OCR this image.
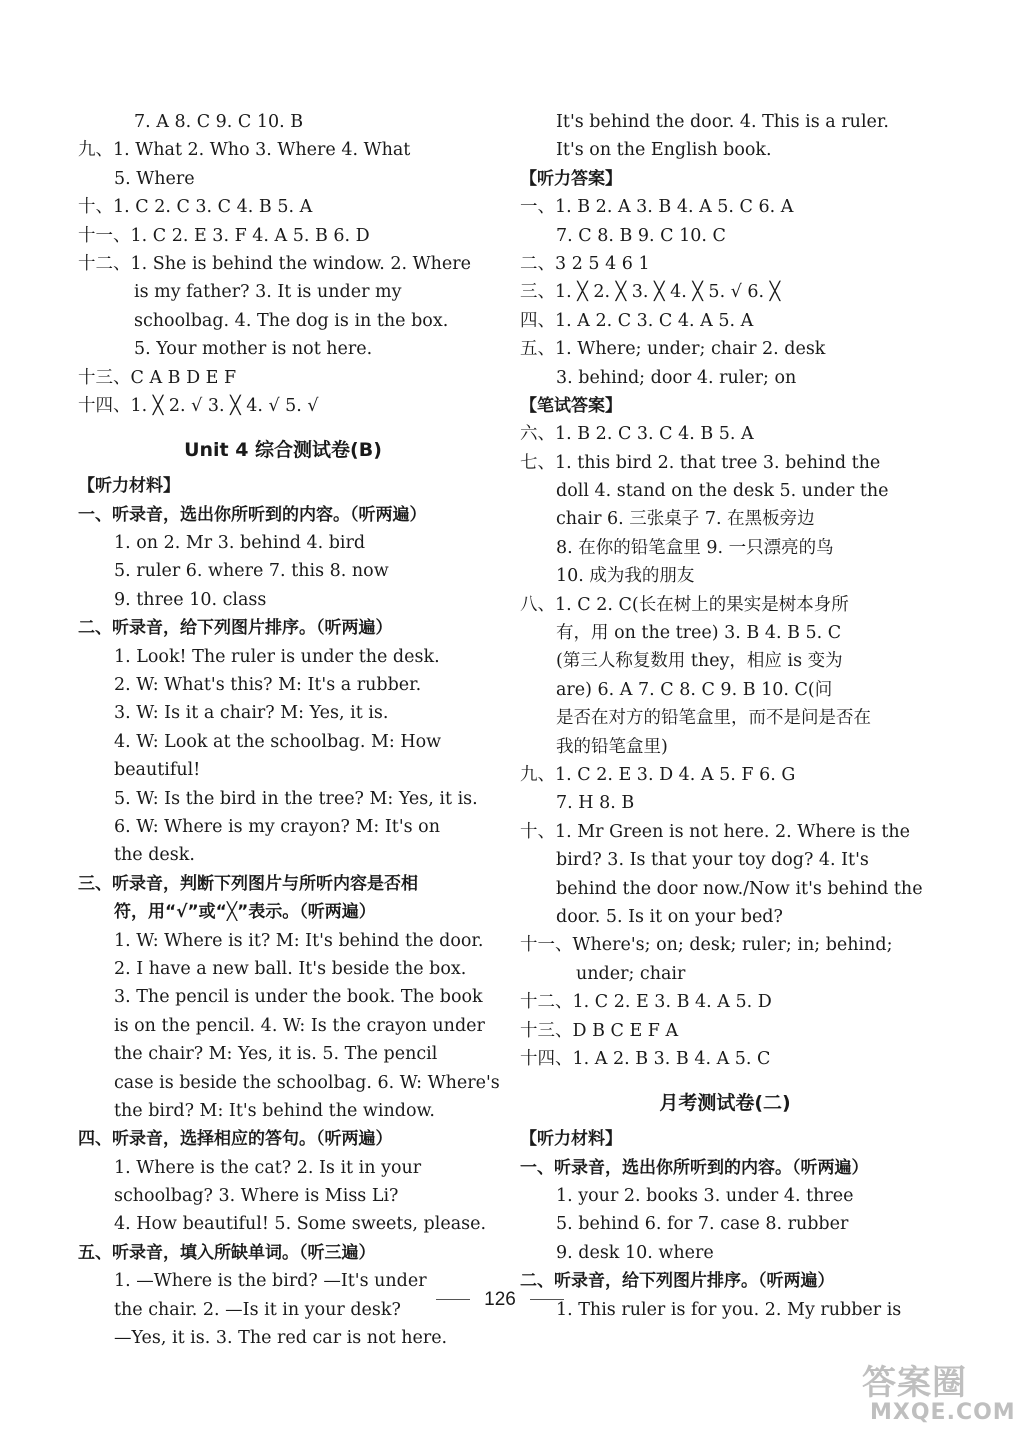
7. A 8. C 9. C 10. B
九、1. What 2. Who 3. Where 4. What
5. Where
十、1. C 2. C 3. C 4. B 5. A
十一、1. C 2. E 3. F 4. A 5. B 6. D
十二、1. She is behind the window. 2. Where
is my father? 3. It is under my
schoolbag. 4. The dog is in the box.
5. Your mother is not here.
十三、C A B D E F
十四、1. ╳ 2. √ 3. ╳ 4. √ 5. √
Unit 4 综合测试卷(B)
【听力材料】
一、听录音，选出你所听到的内容。（听两遍）
1. on 2. Mr 3. behind 4. bird
5. ruler 6. where 7. this 8. now
9. three 10. class
二、听录音，给下列图片排序。（听两遍）
1. Look! The ruler is under the desk.
2. W: What's this? M: It's a rubber.
3. W: Is it a chair? M: Yes, it is.
4. W: Look at the schoolbag. M: How
beautiful!
5. W: Is the bird in the tree? M: Yes, it is.
6. W: Where is my crayon? M: It's on
the desk.
三、听录音，判断下列图片与所听内容是否相
符，用“√”或“╳”表示。（听两遍）
1. W: Where is it? M: It's behind the door.
2. I have a new ball. It's beside the box.
3. The pencil is under the book. The book
is on the pencil. 4. W: Is the crayon under
the chair? M: Yes, it is. 5. The pencil
case is beside the schoolbag. 6. W: Where's
the bird? M: It's behind the window.
四、听录音，选择相应的答句。（听两遍）
1. Where is the cat? 2. Is it in your
schoolbag? 3. Where is Miss Li?
4. How beautiful! 5. Some sweets, please.
五、听录音，填入所缺单词。（听三遍）
1. —Where is the bird? —It's under
the chair. 2. —Is it in your desk?
—Yes, it is. 3. The red car is not here.
It's behind the door. 4. This is a ruler.
It's on the English book.
【听力答案】
一、1. B 2. A 3. B 4. A 5. C 6. A
7. C 8. B 9. C 10. C
二、3 2 5 4 6 1
三、1. ╳ 2. ╳ 3. ╳ 4. ╳ 5. √ 6. ╳
四、1. A 2. C 3. C 4. A 5. A
五、1. Where; under; chair 2. desk
3. behind; door 4. ruler; on
【笔试答案】
六、1. B 2. C 3. C 4. B 5. A
七、1. this bird 2. that tree 3. behind the
doll 4. stand on the desk 5. under the
chair 6. 三张桌子 7. 在黑板旁边
8. 在你的铅笔盒里 9. 一只漂亮的鸟
10. 成为我的朋友
八、1. C 2. C(长在树上的果实是树本身所
有，用 on the tree) 3. B 4. B 5. C
(第三人称复数用 they，相应 is 变为
are) 6. A 7. C 8. C 9. B 10. C(问
是否在对方的铅笔盒里，而不是问是否在
我的铅笔盒里)
九、1. C 2. E 3. D 4. A 5. F 6. G
7. H 8. B
十、1. Mr Green is not here. 2. Where is the
bird? 3. Is that your toy dog? 4. It's
behind the door now./Now it's behind the
door. 5. Is it on your bed?
十一、Where's; on; desk; ruler; in; behind;
under; chair
十二、1. C 2. E 3. B 4. A 5. D
十三、D B C E F A
十四、1. A 2. B 3. B 4. A 5. C
月考测试卷(二)
【听力材料】
一、听录音，选出你所听到的内容。（听两遍）
1. your 2. books 3. under 4. three
5. behind 6. for 7. case 8. rubber
9. desk 10. where
二、听录音，给下列图片排序。（听两遍）
1. This ruler is for you. 2. My rubber is
126
答案圈
MXQE.COM
